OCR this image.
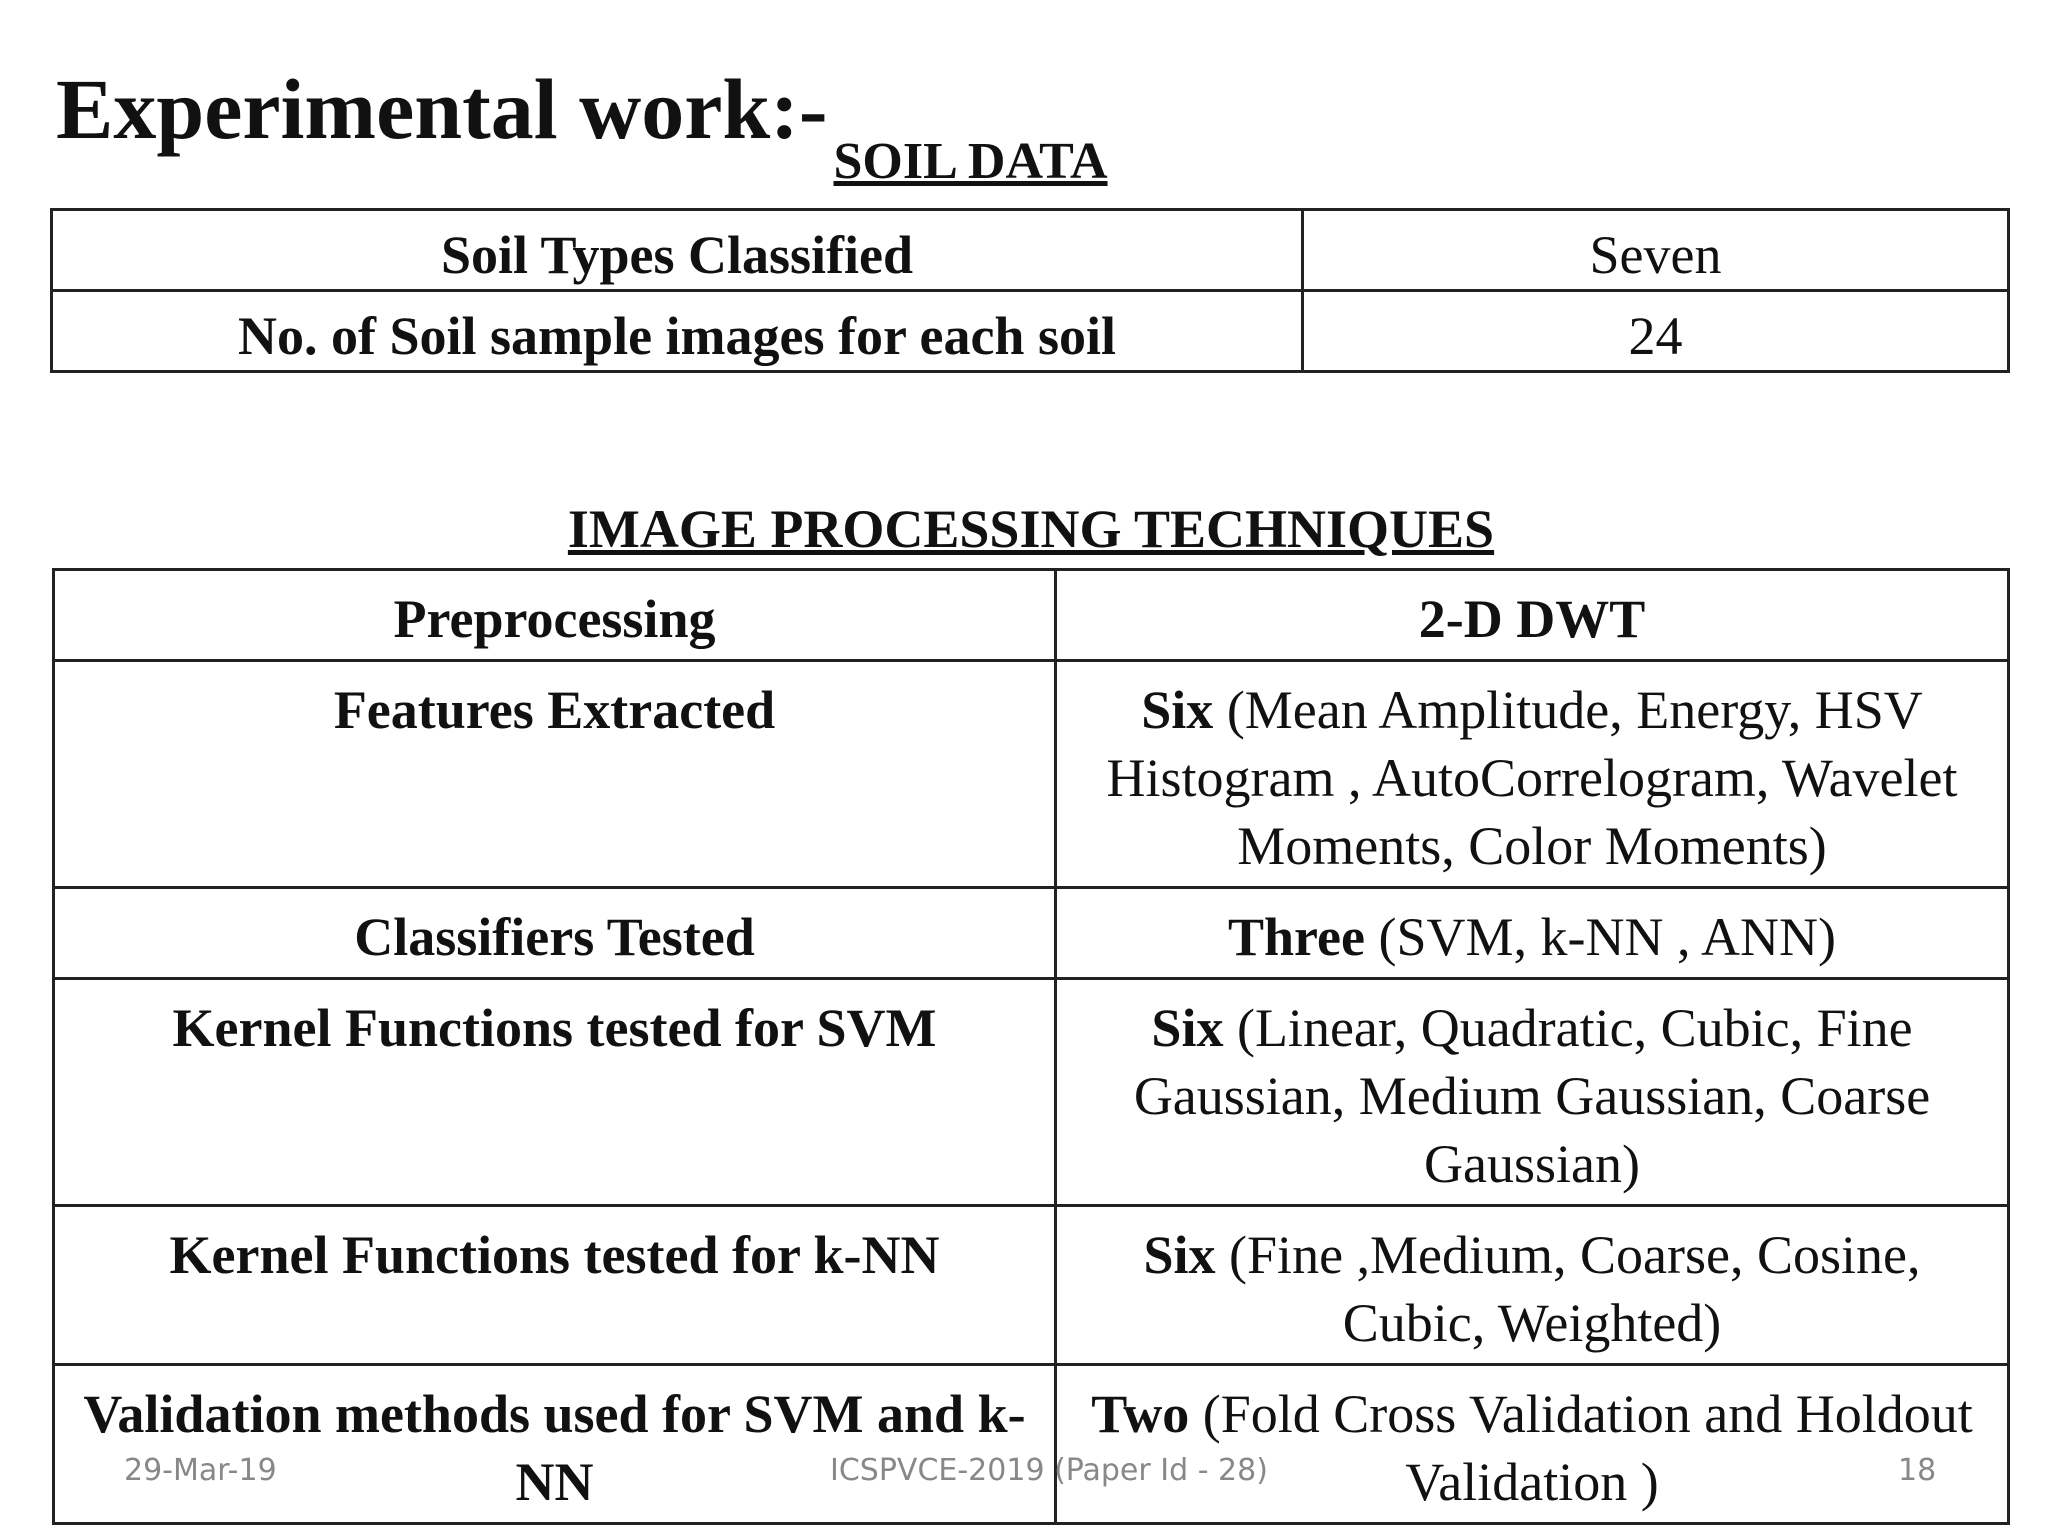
Experimental $work:-_{SOIL DATA}$
Soil Types Classified	Seven
No. of Soil sample images for each soil	24
IMAGE PROCESSING TECHNIQUES
Preprocessing	2-D DWT
Features Extracted	Six (Mean Amplitude, Energy, HSV Histogram , AutoCorrelogram, Wavelet Moments, Color Moments)
Classifiers Tested	Three (SVM, k-NN , ANN)
Kernel Functions tested for SVM	Six (Linear, Quadratic, Cubic, Fine Gaussian, Medium Gaussian, Coarse Gaussian)
Kernel Functions tested for k-NN	Six (Fine ,Medium, Coarse, Cosine, Cubic, Weighted)
Validation methods used for SVM and k-NN	Two (Fold Cross Validation and Holdout Validation )
29-Mar-19	ICSPVCE-2019 (Paper Id - 28)	18
